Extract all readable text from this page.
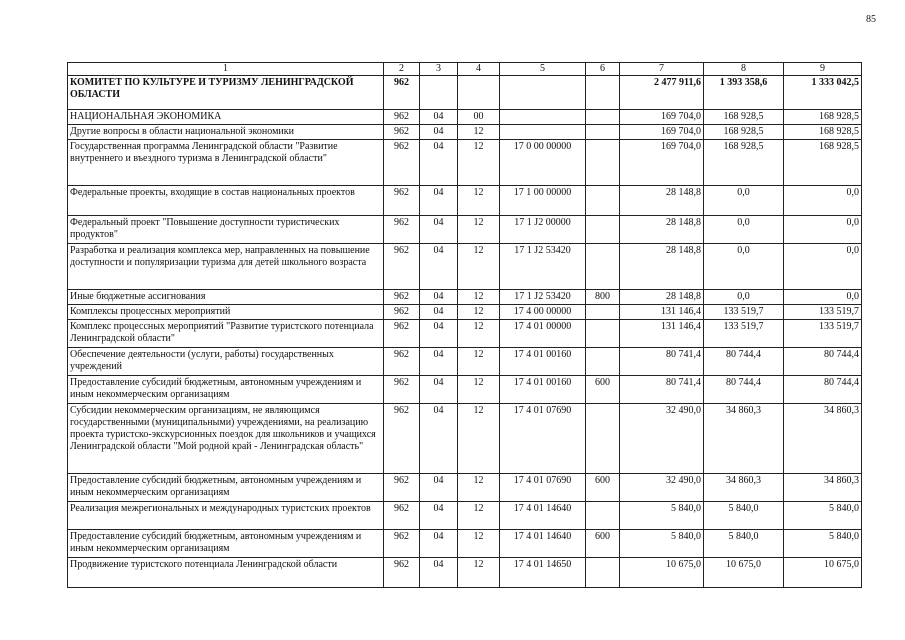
85
1	2	3	4	5	6	7	8	9
КОМИТЕТ ПО КУЛЬТУРЕ И ТУРИЗМУ ЛЕНИНГРАДСКОЙ ОБЛАСТИ	962					2 477 911,6	1 393 358,6	1 333 042,5
НАЦИОНАЛЬНАЯ ЭКОНОМИКА	962	04	00			169 704,0	168 928,5	168 928,5
Другие вопросы в области национальной экономики	962	04	12			169 704,0	168 928,5	168 928,5
Государственная программа Ленинградской области "Развитие внутреннего и въездного туризма в Ленинградской области"	962	04	12	17 0 00 00000		169 704,0	168 928,5	168 928,5
Федеральные проекты, входящие в состав национальных проектов	962	04	12	17 1 00 00000		28 148,8	0,0	0,0
Федеральный проект "Повышение доступности туристических продуктов"	962	04	12	17 1 J2 00000		28 148,8	0,0	0,0
Разработка и реализация комплекса мер, направленных на повышение доступности и популяризации туризма для детей школьного возраста	962	04	12	17 1 J2 53420		28 148,8	0,0	0,0
Иные бюджетные ассигнования	962	04	12	17 1 J2 53420	800	28 148,8	0,0	0,0
Комплексы процессных мероприятий	962	04	12	17 4 00 00000		131 146,4	133 519,7	133 519,7
Комплекс процессных мероприятий "Развитие туристского потенциала Ленинградской области"	962	04	12	17 4 01 00000		131 146,4	133 519,7	133 519,7
Обеспечение деятельности (услуги, работы) государственных учреждений	962	04	12	17 4 01 00160		80 741,4	80 744,4	80 744,4
Предоставление субсидий бюджетным, автономным учреждениям и иным некоммерческим организациям	962	04	12	17 4 01 00160	600	80 741,4	80 744,4	80 744,4
Субсидии некоммерческим организациям, не являющимся государственными (муниципальными) учреждениями, на реализацию проекта туристско-экскурсионных поездок для школьников и учащихся Ленинградской области "Мой родной край - Ленинградская область"	962	04	12	17 4 01 07690		32 490,0	34 860,3	34 860,3
Предоставление субсидий бюджетным, автономным учреждениям и иным некоммерческим организациям	962	04	12	17 4 01 07690	600	32 490,0	34 860,3	34 860,3
Реализация межрегиональных и международных туристских проектов	962	04	12	17 4 01 14640		5 840,0	5 840,0	5 840,0
Предоставление субсидий бюджетным, автономным учреждениям и иным некоммерческим организациям	962	04	12	17 4 01 14640	600	5 840,0	5 840,0	5 840,0
Продвижение туристского потенциала Ленинградской области	962	04	12	17 4 01 14650		10 675,0	10 675,0	10 675,0
